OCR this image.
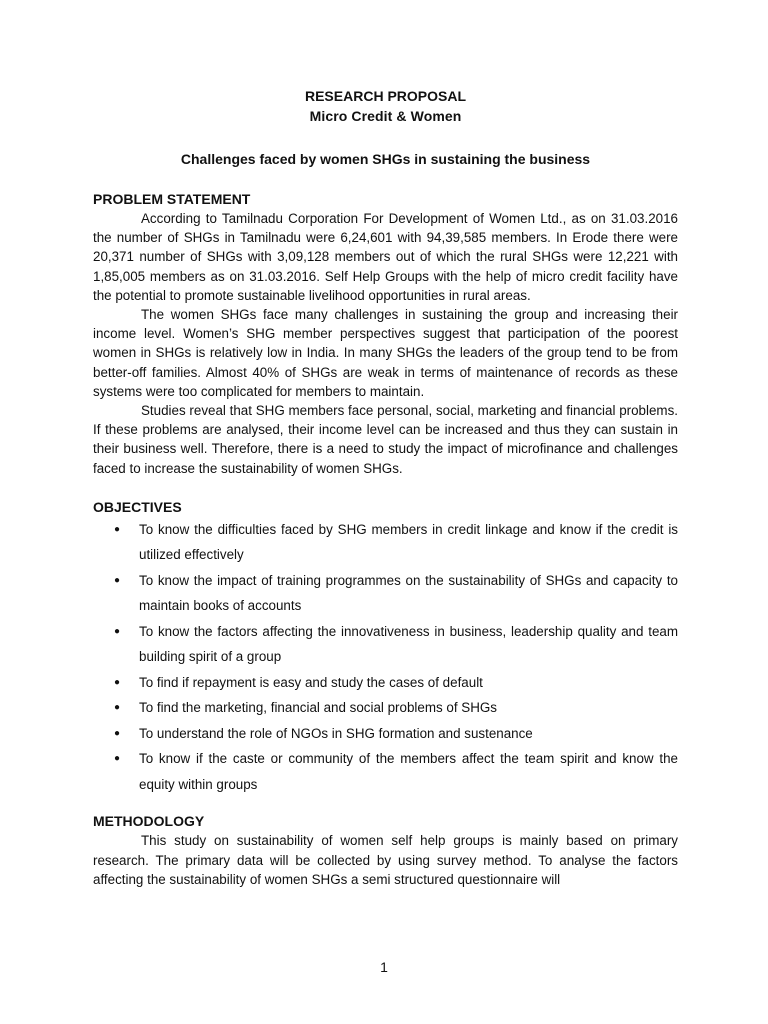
RESEARCH PROPOSAL

Micro Credit & Women

Challenges faced by women SHGs in sustaining the business

PROBLEM STATEMENT

According to Tamilnadu Corporation For Development of Women Ltd., as on 31.03.2016 the number of SHGs in Tamilnadu were 6,24,601 with 94,39,585 members. In Erode there were 20,371 number of SHGs with 3,09,128 members out of which the rural SHGs were 12,221 with 1,85,005 members as on 31.03.2016. Self Help Groups with the help of micro credit facility have the potential to promote sustainable livelihood opportunities in rural areas.

The women SHGs face many challenges in sustaining the group and increasing their income level. Women’s SHG member perspectives suggest that participation of the poorest women in SHGs is relatively low in India. In many SHGs the leaders of the group tend to be from better-off families. Almost 40% of SHGs are weak in terms of maintenance of records as these systems were too complicated for members to maintain.

Studies reveal that SHG members face personal, social, marketing and financial problems. If these problems are analysed, their income level can be increased and thus they can sustain in their business well. Therefore, there is a need to study the impact of microfinance and challenges faced to increase the sustainability of women SHGs.

OBJECTIVES

● To know the difficulties faced by SHG members in credit linkage and know if the credit is utilized effectively
● To know the impact of training programmes on the sustainability of SHGs and capacity to maintain books of accounts
● To know the factors affecting the innovativeness in business, leadership quality and team building spirit of a group
● To find if repayment is easy and study the cases of default
● To find the marketing, financial and social problems of SHGs
● To understand the role of NGOs in SHG formation and sustenance
● To know if the caste or community of the members affect the team spirit and know the equity within groups

METHODOLOGY

This study on sustainability of women self help groups is mainly based on primary research. The primary data will be collected by using survey method. To analyse the factors affecting the sustainability of women SHGs a semi structured questionnaire will

1
